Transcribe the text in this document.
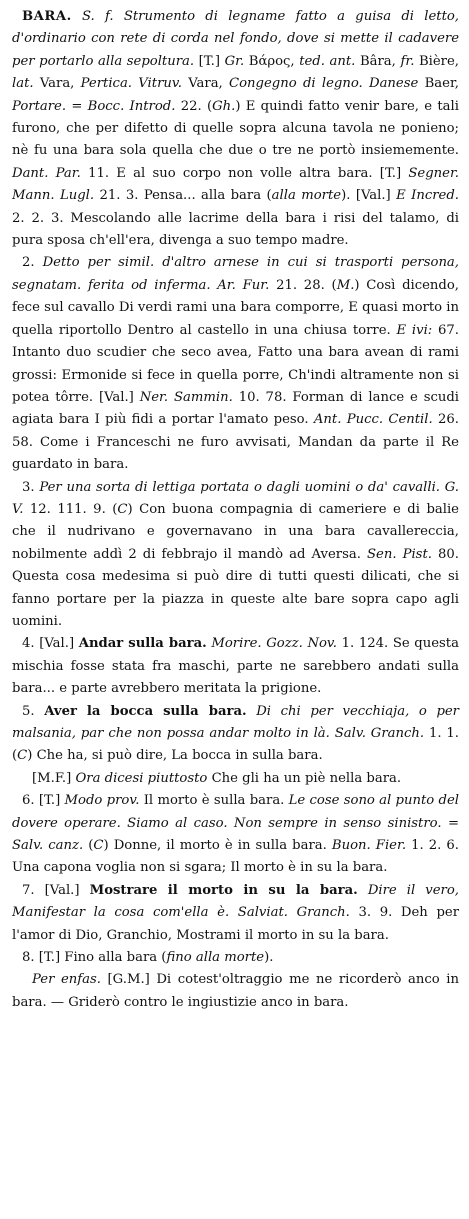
BARA. S. f. Strumento di legname fatto a guisa di letto, d'ordinario con rete di corda nel fondo, dove si mette il cadavere per portarlo alla sepoltura. [T.] Gr. Βάρος, ted. ant. Bâra, fr. Bière, lat. Vara, Pertica. Vitruv. Vara, Congegno di legno. Danese Baer, Portare. = Bocc. Introd. 22. (Gh.) E quindi fatto venir bare, e tali furono, che per difetto di quelle sopra alcuna tavola ne ponieno; nè fu una bara sola quella che due o tre ne portò insiememente. Dant. Par. 11. E al suo corpo non volle altra bara. [T.] Segner. Mann. Lugl. 21. 3. Pensa... alla bara (alla morte). [Val.] E Incred. 2. 2. 3. Mescolando alle lacrime della bara i risi del talamo, di pura sposa ch'ell'era, divenga a suo tempo madre.

2. Detto per simil. d'altro arnese in cui si trasporti persona, segnatam. ferita od inferma. Ar. Fur. 21. 28. (M.) Così dicendo, fece sul cavallo Di verdi rami una bara comporre, E quasi morto in quella riportollo Dentro al castello in una chiusa torre. E ivi: 67. Intanto duo scudier che seco avea, Fatto una bara avean di rami grossi: Ermonide si fece in quella porre, Ch'indi altramente non si potea tôrre. [Val.] Ner. Sammin. 10. 78. Forman di lance e scudi agiata bara I più fidi a portar l'amato peso. Ant. Pucc. Centil. 26. 58. Come i Franceschi ne furo avvisati, Mandan da parte il Re guardato in bara.

3. Per una sorta di lettiga portata o dagli uomini o da' cavalli. G. V. 12. 111. 9. (C) Con buona compagnia di cameriere e di balie che il nudrivano e governavano in una bara cavallereccia, nobilmente addì 2 di febbrajo il mandò ad Aversa. Sen. Pist. 80. Questa cosa medesima si può dire di tutti questi dilicati, che si fanno portare per la piazza in queste alte bare sopra capo agli uomini.

4. [Val.] Andar sulla bara. Morire. Gozz. Nov. 1. 124. Se questa mischia fosse stata fra maschi, parte ne sarebbero andati sulla bara... e parte avrebbero meritata la prigione.

5. Aver la bocca sulla bara. Di chi per vecchiaja, o per malsania, par che non possa andar molto in là. Salv. Granch. 1. 1. (C) Che ha, si può dire, La bocca in sulla bara.

[M.F.] Ora dicesi piuttosto Che gli ha un piè nella bara.

6. [T.] Modo prov. Il morto è sulla bara. Le cose sono al punto del dovere operare. Siamo al caso. Non sempre in senso sinistro. = Salv. canz. (C) Donne, il morto è in sulla bara. Buon. Fier. 1. 2. 6. Una capona voglia non si sgara; Il morto è in su la bara.

7. [Val.] Mostrare il morto in su la bara. Dire il vero, Manifestar la cosa com'ella è. Salviat. Granch. 3. 9. Deh per l'amor di Dio, Granchio, Mostrami il morto in su la bara.

8. [T.] Fino alla bara (fino alla morte).

Per enfas. [G.M.] Di cotest'oltraggio me ne ricorderò anco in bara. — Griderò contro le ingiustizie anco in bara.
